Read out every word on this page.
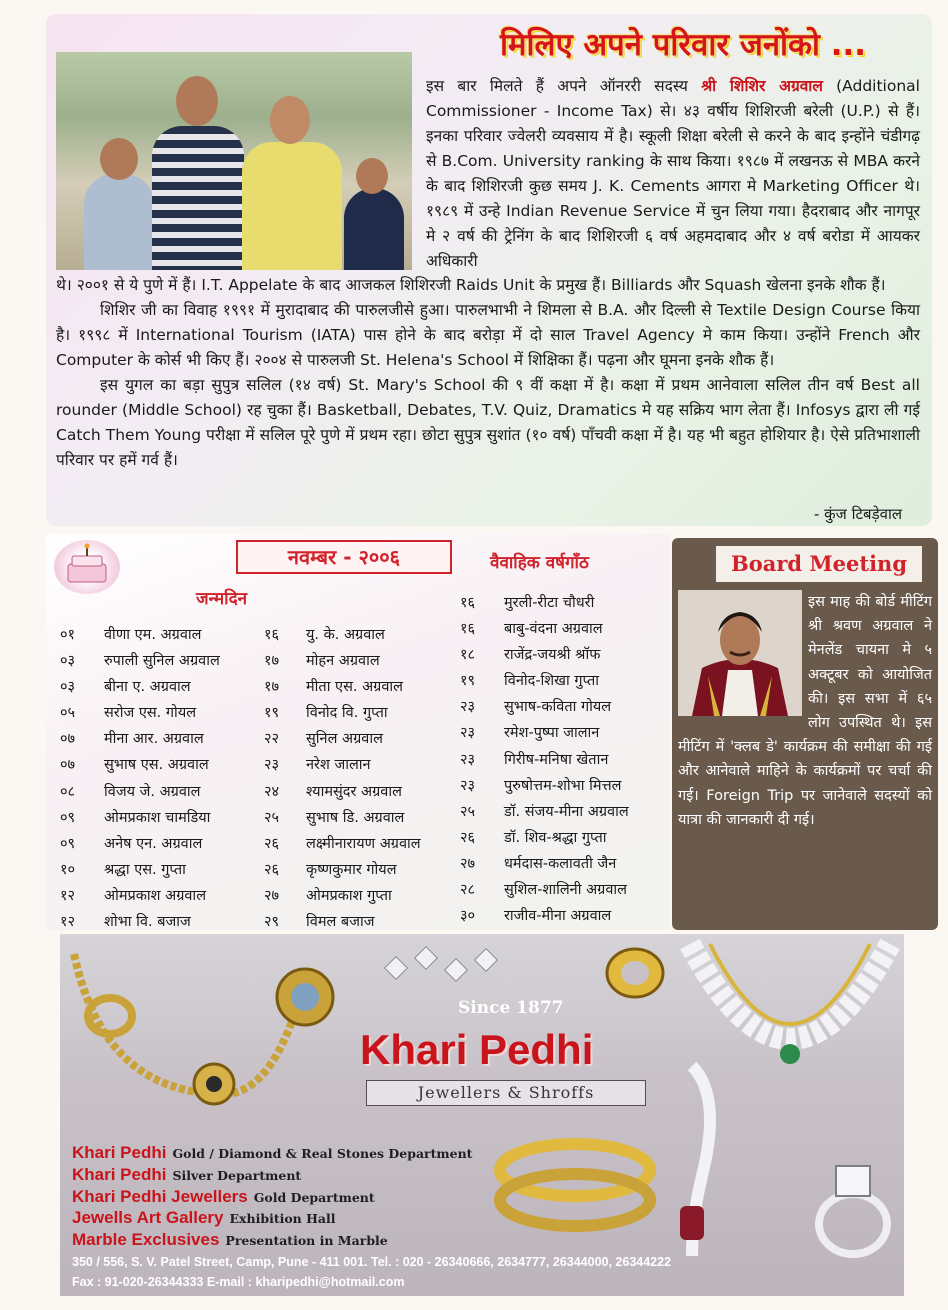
मिलिए अपने परिवार जनोंको ...
इस बार मिलते हैं अपने ऑनररी सदस्य श्री शिशिर अग्रवाल (Additional Commissioner - Income Tax) से। ४३ वर्षीय शिशिरजी बरेली (U.P.) से हैं। इनका परिवार ज्वेलरी व्यवसाय में है। स्कूली शिक्षा बरेली से करने के बाद इन्होंने चंडीगढ़ से B.Com. University ranking के साथ किया। १९८७ में लखनऊ से MBA करने के बाद शिशिरजी कुछ समय J. K. Cements आगरा मे Marketing Officer थे। १९८९ में उन्हे Indian Revenue Service में चुन लिया गया। हैदराबाद और नागपूर मे २ वर्ष की ट्रेनिंग के बाद शिशिरजी ६ वर्ष अहमदाबाद और ४ वर्ष बरोडा में आयकर अधिकारी

थे। २००१ से ये पुणे में हैं। I.T. Appelate के बाद आजकल शिशिरजी Raids Unit के प्रमुख हैं। Billiards और Squash खेलना इनके शौक हैं।

शिशिर जी का विवाह १९९१ में मुरादाबाद की पारुलजीसे हुआ। पारुलभाभी ने शिमला से B.A. और दिल्ली से Textile Design Course किया है। १९९८ में International Tourism (IATA) पास होने के बाद बरोड़ा में दो साल Travel Agency मे काम किया। उन्होंने French और Computer के कोर्स भी किए हैं। २००४ से पारुलजी St. Helena's School में शिक्षिका हैं। पढ़ना और घूमना इनके शौक हैं।

इस युगल का बड़ा सुपुत्र सलिल (१४ वर्ष) St. Mary's School की ९ वीं कक्षा में है। कक्षा में प्रथम आनेवाला सलिल तीन वर्ष Best all rounder (Middle School) रह चुका हैं। Basketball, Debates, T.V. Quiz, Dramatics मे यह सक्रिय भाग लेता हैं। Infosys द्वारा ली गई Catch Them Young परीक्षा में सलिल पूरे पुणे में प्रथम रहा। छोटा सुपुत्र सुशांत (१० वर्ष) पाँचवी कक्षा में है। यह भी बहुत होशियार है। ऐसे प्रतिभाशाली परिवार पर हमें गर्व हैं।

- कुंज टिबड़ेवाल
नवम्बर - २००६	वैवाहिक वर्षगाँठ
जन्मदिन
०१ वीणा एम. अग्रवाल
०३ रुपाली सुनिल अग्रवाल
०३ बीना ए. अग्रवाल
०५ सरोज एस. गोयल
०७ मीना आर. अग्रवाल
०७ सुभाष एस. अग्रवाल
०८ विजय जे. अग्रवाल
०९ ओमप्रकाश चामडिया
०९ अनेष एन. अग्रवाल
१० श्रद्धा एस. गुप्ता
१२ ओमप्रकाश अग्रवाल
१२ शोभा वि. बजाज
१६ यु. के. अग्रवाल
१७ मोहन अग्रवाल
१७ मीता एस. अग्रवाल
१९ विनोद वि. गुप्ता
२२ सुनिल अग्रवाल
२३ नरेश जालान
२४ श्यामसुंदर अग्रवाल
२५ सुभाष डि. अग्रवाल
२६ लक्ष्मीनारायण अग्रवाल
२६ कृष्णकुमार गोयल
२७ ओमप्रकाश गुप्ता
२९ विमल बजाज
१६ मुरली-रीटा चौधरी
१६ बाबु-वंदना अग्रवाल
१८ राजेंद्र-जयश्री श्रॉफ
१९ विनोद-शिखा गुप्ता
२३ सुभाष-कविता गोयल
२३ रमेश-पुष्पा जालान
२३ गिरीष-मनिषा खेतान
२३ पुरुषोत्तम-शोभा मित्तल
२५ डॉ. संजय-मीना अग्रवाल
२६ डॉ. शिव-श्रद्धा गुप्ता
२७ धर्मदास-कलावती जैन
२८ सुशिल-शालिनी अग्रवाल
३० राजीव-मीना अग्रवाल
Board Meeting
इस माह की बोर्ड मीटिंग श्री श्रवण अग्रवाल ने मेनलेंड चायना मे ५ अक्टूबर को आयोजित की। इस सभा में ६५ लोग उपस्थित थे। इस मीटिंग में 'क्लब डे' कार्यक्रम की समीक्षा की गई और आनेवाले माहिने के कार्यक्रमों पर चर्चा की गई। Foreign Trip पर जानेवाले सदस्यों को यात्रा की जानकारी दी गई।
Since 1877
Khari Pedhi
Jewellers & Shroffs
Khari Pedhi Gold / Diamond & Real Stones Department
Khari Pedhi Silver Department
Khari Pedhi Jewellers Gold Department
Jewells Art Gallery Exhibition Hall
Marble Exclusives Presentation in Marble
350 / 556, S. V. Patel Street, Camp, Pune - 411 001. Tel. : 020 - 26340666, 2634777, 26344000, 26344222
Fax : 91-020-26344333 E-mail : kharipedhi@hotmail.com
